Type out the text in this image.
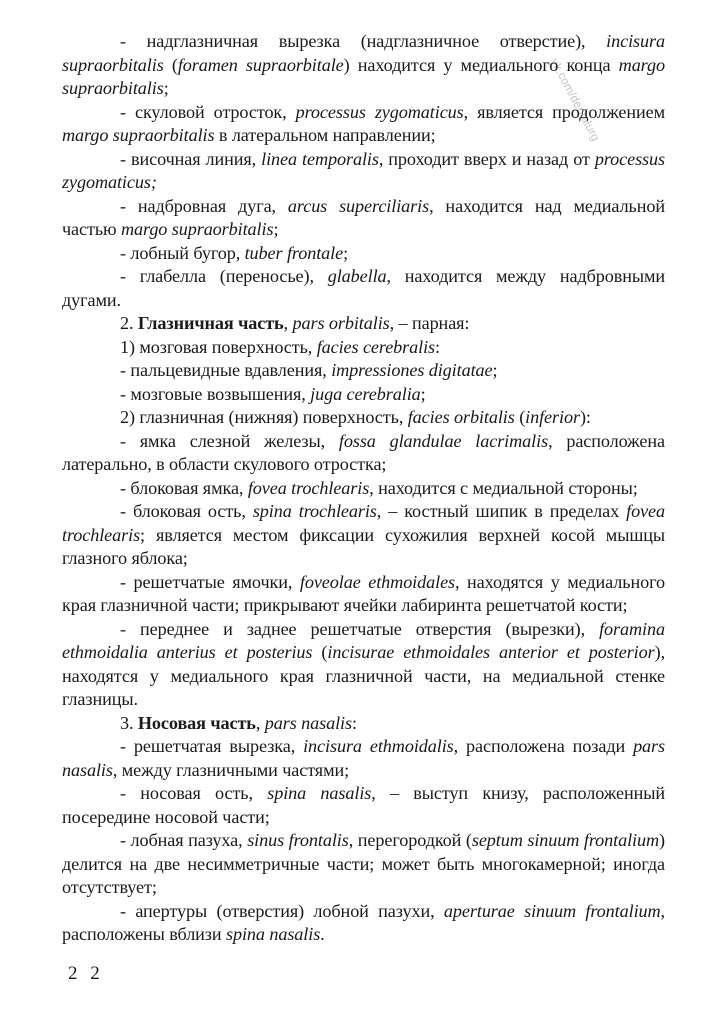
vk.com/dentalurg

- надглазничная вырезка (надглазничное отверстие), incisura supraorbitalis (foramen supraorbitale) находится у медиального конца margo supraorbitalis;

- скуловой отросток, processus zygomaticus, является продолжением margo supraorbitalis в латеральном направлении;

- височная линия, linea temporalis, проходит вверх и назад от processus zygomaticus;

- надбровная дуга, arcus superciliaris, находится над медиальной частью margo supraorbitalis;

- лобный бугор, tuber frontale;

- глабелла (переносье), glabella, находится между надбровными дугами.

2. Глазничная часть, pars orbitalis, – парная:

1) мозговая поверхность, facies cerebralis:

- пальцевидные вдавления, impressiones digitatae;

- мозговые возвышения, juga cerebralia;

2) глазничная (нижняя) поверхность, facies orbitalis (inferior):

- ямка слезной железы, fossa glandulae lacrimalis, расположена латерально, в области скулового отростка;

- блоковая ямка, fovea trochlearis, находится с медиальной стороны;

- блоковая ость, spina trochlearis, – костный шипик в пределах fovea trochlearis; является местом фиксации сухожилия верхней косой мышцы глазного яблока;

- решетчатые ямочки, foveolae ethmoidales, находятся у медиального края глазничной части; прикрывают ячейки лабиринта решетчатой кости;

- переднее и заднее решетчатые отверстия (вырезки), foramina ethmoidalia anterius et posterius (incisurae ethmoidales anterior et posterior), находятся у медиального края глазничной части, на медиальной стенке глазницы.

3. Носовая часть, pars nasalis:

- решетчатая вырезка, incisura ethmoidalis, расположена позади pars nasalis, между глазничными частями;

- носовая ость, spina nasalis, – выступ книзу, расположенный посередине носовой части;

- лобная пазуха, sinus frontalis, перегородкой (septum sinuum frontalium) делится на две несимметричные части; может быть многокамерной; иногда отсутствует;

- апертуры (отверстия) лобной пазухи, aperturae sinuum frontalium, расположены вблизи spina nasalis.

2 2
